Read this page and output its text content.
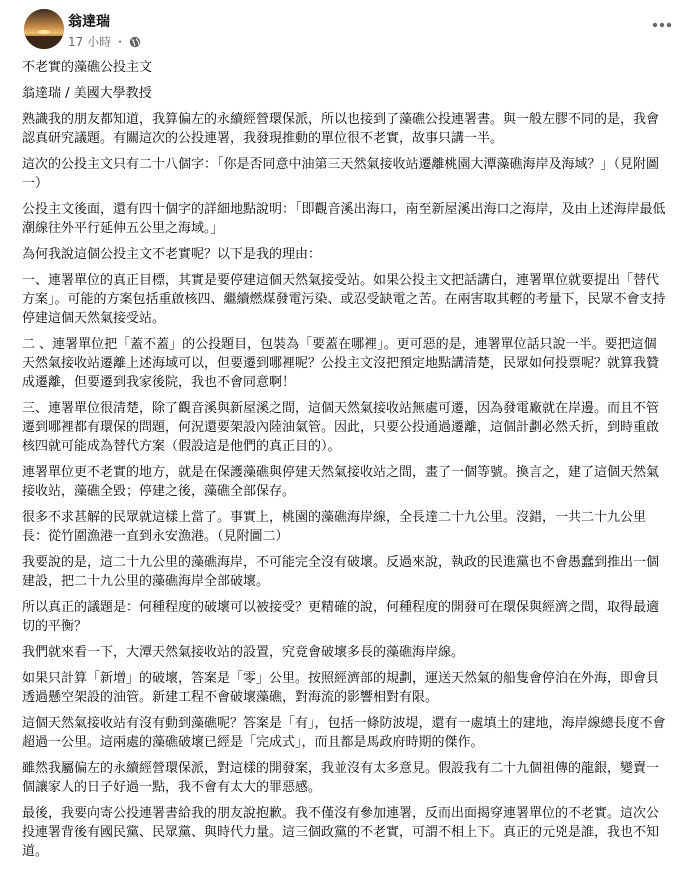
翁達瑞
17 小時 ・

不老實的藻礁公投主文

翁達瑞 / 美國大學教授

熟識我的朋友都知道，我算偏左的永續經營環保派，所以也接到了藻礁公投連署書。與一般左膠不同的是，我會認真研究議題。有關這次的公投連署，我發現推動的單位很不老實，故事只講一半。

這次的公投主文只有二十八個字：「你是否同意中油第三天然氣接收站遷離桃園大潭藻礁海岸及海域？」（見附圖一）

公投主文後面，還有四十個字的詳細地點說明：「即觀音溪出海口，南至新屋溪出海口之海岸，及由上述海岸最低潮線往外平行延伸五公里之海域。」

為何我說這個公投主文不老實呢？以下是我的理由：

一、連署單位的真正目標，其實是要停建這個天然氣接受站。如果公投主文把話講白，連署單位就要提出「替代方案」。可能的方案包括重啟核四、繼續燃煤發電污染、或忍受缺電之苦。在兩害取其輕的考量下，民眾不會支持停建這個天然氣接受站。

二 、連署單位把「蓋不蓋」的公投題目，包裝為「要蓋在哪裡」。更可惡的是，連署單位話只說一半。要把這個天然氣接收站遷離上述海域可以，但要遷到哪裡呢？公投主文沒把預定地點講清楚，民眾如何投票呢？就算我贊成遷離，但要遷到我家後院，我也不會同意啊！

三、連署單位很清楚，除了觀音溪與新屋溪之間，這個天然氣接收站無處可遷，因為發電廠就在岸邊。而且不管遷到哪裡都有環保的問題，何況還要架設內陸油氣管。因此，只要公投通過遷離，這個計劃必然夭折，到時重啟核四就可能成為替代方案（假設這是他們的真正目的）。

連署單位更不老實的地方，就是在保護藻礁與停建天然氣接收站之間，畫了一個等號。換言之，建了這個天然氣接收站，藻礁全毀；停建之後，藻礁全部保存。

很多不求甚解的民眾就這樣上當了。事實上，桃園的藻礁海岸線，全長達二十九公里。沒錯，一共二十九公里長：從竹圍漁港一直到永安漁港。（見附圖二）

我要說的是，這二十九公里的藻礁海岸，不可能完全沒有破壞。反過來說，執政的民進黨也不會愚蠢到推出一個建設，把二十九公里的藻礁海岸全部破壞。

所以真正的議題是：何種程度的破壞可以被接受？更精確的說，何種程度的開發可在環保與經濟之間，取得最適切的平衡？

我們就來看一下，大潭天然氣接收站的設置，究竟會破壞多長的藻礁海岸線。

如果只計算「新增」的破壞，答案是「零」公里。按照經濟部的規劃，運送天然氣的船隻會停泊在外海，即會貝透過懸空架設的油管。新建工程不會破壞藻礁，對海流的影響相對有限。

這個天然氣接收站有沒有動到藻礁呢？答案是「有」，包括一條防波堤，還有一處填土的建地，海岸線總長度不會超過一公里。這兩處的藻礁破壞已經是「完成式」，而且都是馬政府時期的傑作。

雖然我屬偏左的永續經營環保派，對這樣的開發案，我並沒有太多意見。假設我有二十九個祖傳的龍銀，變賣一個讓家人的日子好過一點，我不會有太大的罪惡感。

最後，我要向寄公投連署書給我的朋友說抱歉。我不僅沒有參加連署，反而出面揭穿連署單位的不老實。這次公投連署背後有國民黨、民眾黨、與時代力量。這三個政黨的不老實，可謂不相上下。真正的元兇是誰，我也不知道。
